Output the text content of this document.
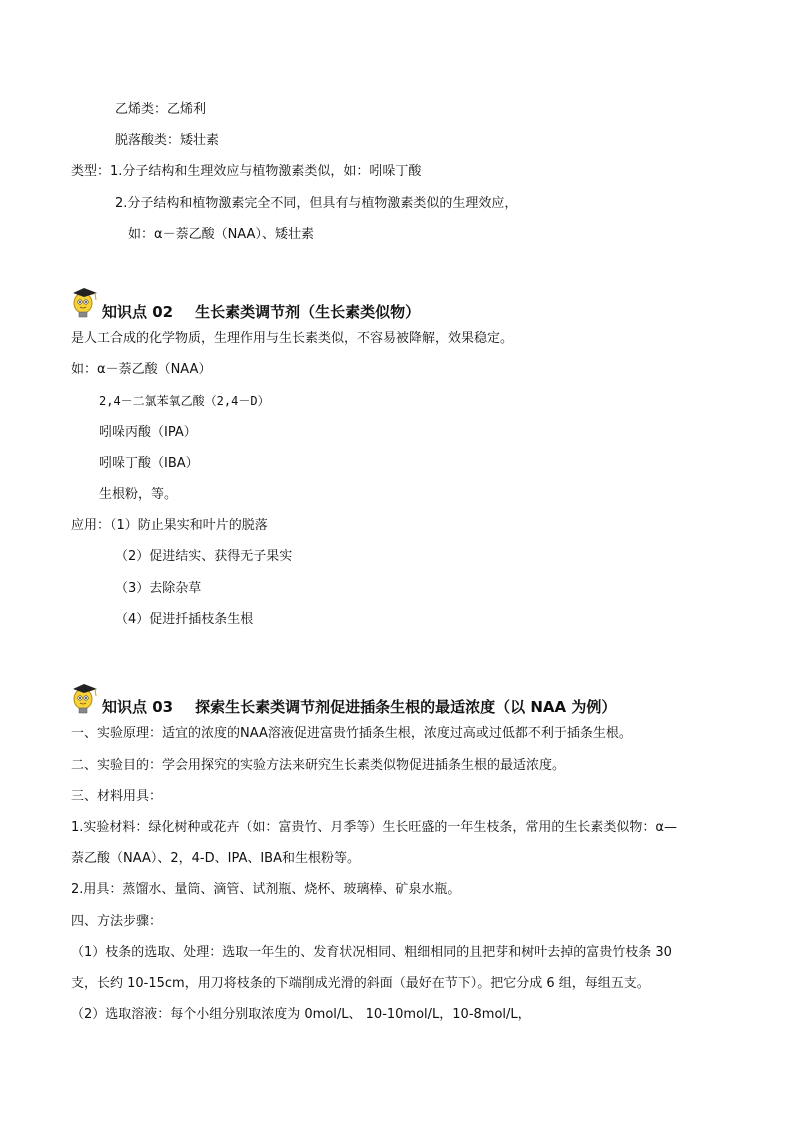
乙烯类：乙烯利
脱落酸类：矮壮素
类型：1.分子结构和生理效应与植物激素类似，如：吲哚丁酸
2.分子结构和植物激素完全不同，但具有与植物激素类似的生理效应，
如：α－萘乙酸（NAA）、矮壮素
知识点 02 生长素类调节剂（生长素类似物）
是人工合成的化学物质，生理作用与生长素类似，不容易被降解，效果稳定。
如：α－萘乙酸（NAA）
2,4－二氯苯氧乙酸（2,4－D）
吲哚丙酸（IPA）
吲哚丁酸（IBA）
生根粉，等。
应用：（1）防止果实和叶片的脱落
（2）促进结实、获得无子果实
（3）去除杂草
（4）促进扦插枝条生根
知识点 03 探索生长素类调节剂促进插条生根的最适浓度（以 NAA 为例）
一、实验原理：适宜的浓度的NAA溶液促进富贵竹插条生根，浓度过高或过低都不利于插条生根。
二、实验目的：学会用探究的实验方法来研究生长素类似物促进插条生根的最适浓度。
三、材料用具：
1.实验材料：绿化树种或花卉（如：富贵竹、月季等）生长旺盛的一年生枝条，常用的生长素类似物：α—
萘乙酸（NAA）、2，4-D、IPA、IBA和生根粉等。
2.用具：蒸馏水、量筒、滴管、试剂瓶、烧杯、玻璃棒、矿泉水瓶。
四、方法步骤：
（1）枝条的选取、处理：选取一年生的、发育状况相同、粗细相同的且把芽和树叶去掉的富贵竹枝条 30
支，长约 10-15cm，用刀将枝条的下端削成光滑的斜面（最好在节下）。把它分成 6 组，每组五支。
（2）选取溶液：每个小组分别取浓度为 0mol/L、 10-10mol/L，10-8mol/L，
